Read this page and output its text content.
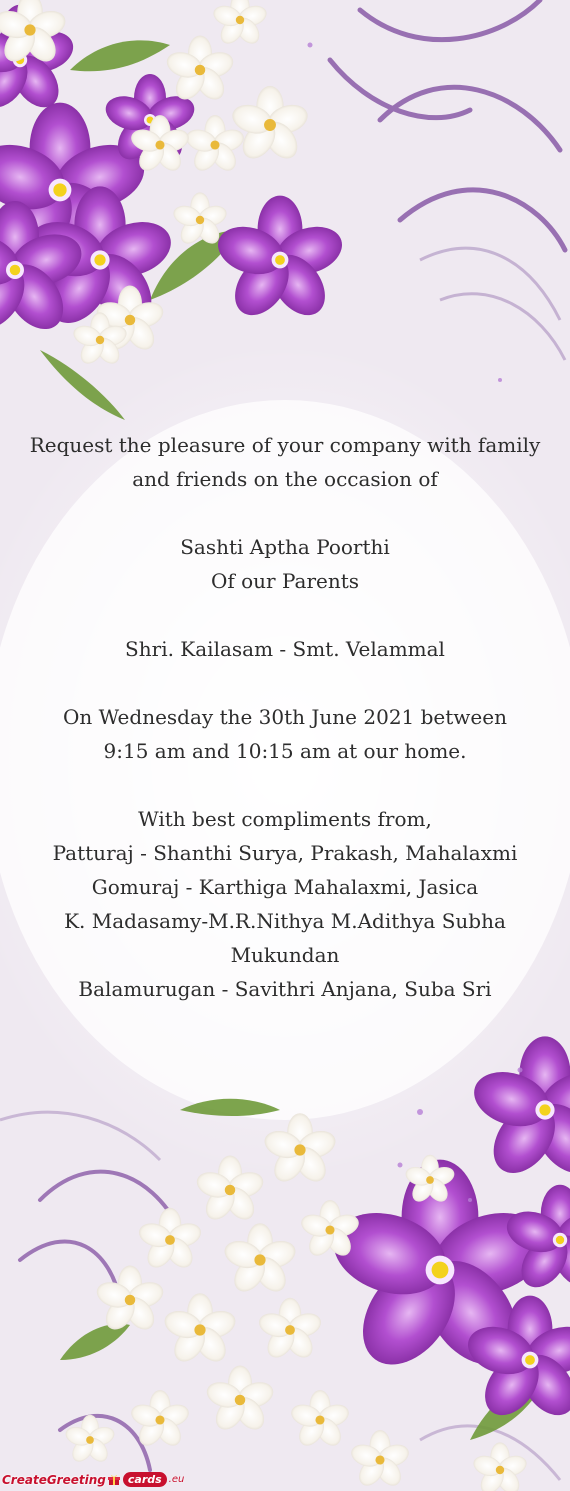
Request the pleasure of your company with family

and friends on the occasion of

Sashti Aptha Poorthi

Of our Parents

Shri. Kailasam - Smt. Velammal

On Wednesday the 30th June 2021 between

9:15 am and 10:15 am at our home.

With best compliments from,

Patturaj - Shanthi Surya, Prakash, Mahalaxmi

Gomuraj - Karthiga Mahalaxmi, Jasica

K. Madasamy-M.R.Nithya M.Adithya Subha

Mukundan

Balamurugan - Savithri Anjana, Suba Sri

CreateGreeting	cards .eu
